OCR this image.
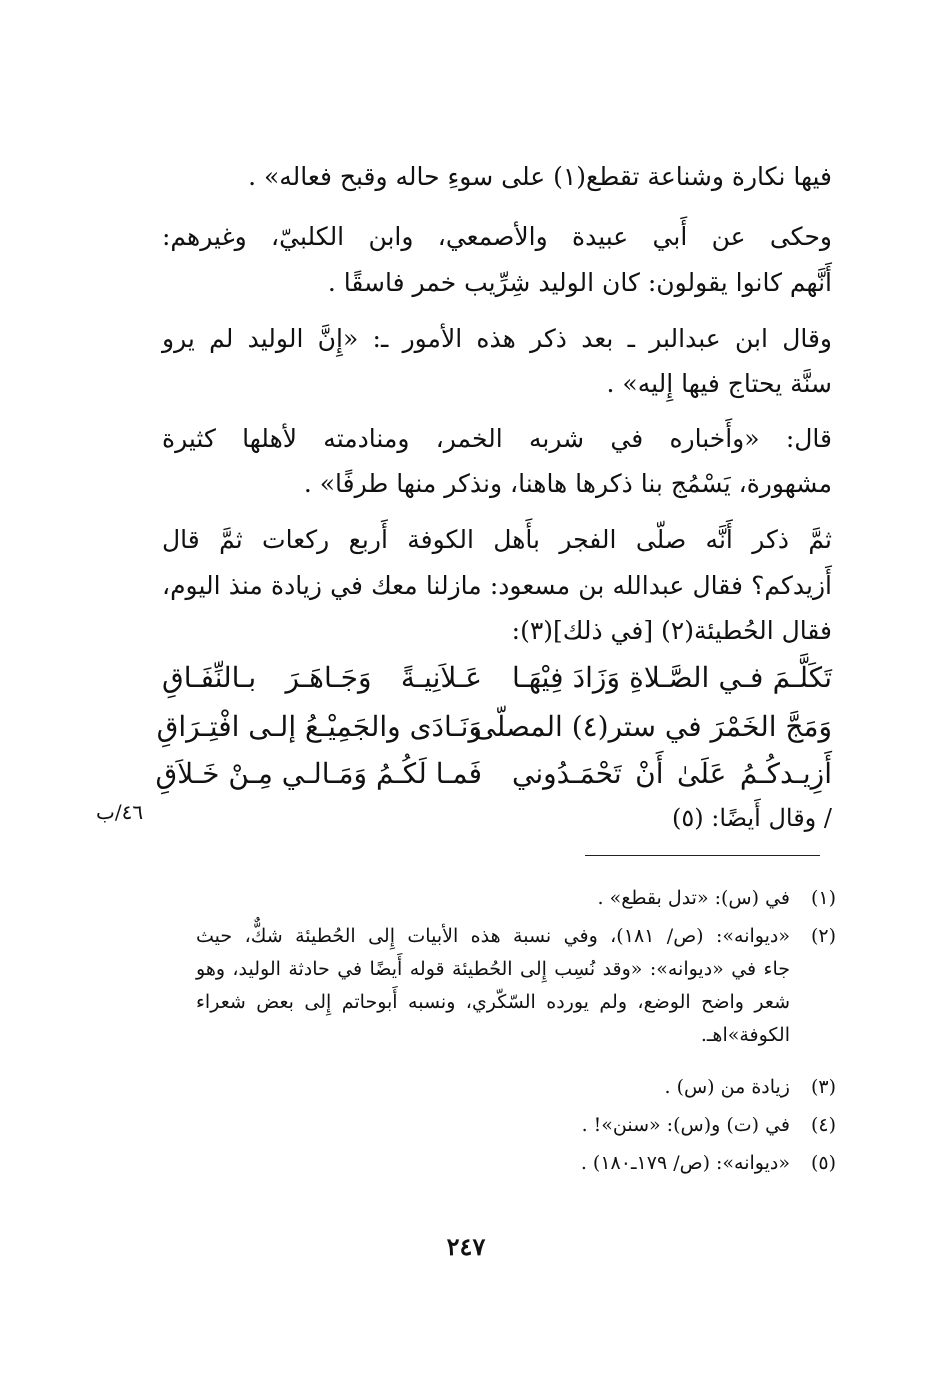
فيها نكارة وشناعة تقطع(١) على سوءِ حاله وقبح فعاله» .
وحكى عن أَبي عبيدة والأصمعي، وابن الكلبيّ، وغيرهم:
أَنَّهم كانوا يقولون: كان الوليد شِرِّيب خمر فاسقًا .
وقال ابن عبدالبر ـ بعد ذكر هذه الأمور ـ: «إِنَّ الوليد لم يرو
سنَّة يحتاج فيها إِليه» .
قال: «وأَخباره في شربه الخمر، ومنادمته لأهلها كثيرة
مشهورة، يَسْمُج بنا ذكرها هاهنا، ونذكر منها طرفًا» .
ثمَّ ذكر أَنَّه صلّى الفجر بأَهل الكوفة أَربع ركعات ثمَّ قال
أَزيدكم؟ فقال عبدالله بن مسعود: مازلنا معك في زيادة منذ اليوم،
فقال الحُطيئة(٢) [في ذلك](٣):
تَكَلَّـمَ فـي الصَّـلاةِ وَزَادَ فِيْهَـا
عَـلاَنِيـةً وَجَـاهَـرَ بـالنِّفَـاقِ
وَمَجَّ الخَمْرَ في ستر(٤) المصلّى
وَنَـادَى والجَمِيْـعُ إلـى افْتِـرَاقِ
أَزِيـدكُـمُ عَلَىٰ أَنْ تَحْمَـدُوني
فَمـا لَكُـمُ وَمَـالـي مِـنْ خَـلاَقِ
/ وقال أَيضًا: (٥)
٤٦/ب
(١)
في (س): «تدل بقطع» .
(٢)
«ديوانه»: (ص/ ١٨١)، وفي نسبة هذه الأبيات إِلى الحُطيئة شكٌّ، حيث
جاء في «ديوانه»: «وقد نُسِب إِلى الحُطيئة قوله أَيضًا في حادثة الوليد، وهو
شعر واضح الوضع، ولم يورده السّكّري، ونسبه أَبوحاتم إِلى بعض شعراء
الكوفة»اهـ.
(٣)
زيادة من (س) .
(٤)
في (ت) و(س): «سنن»! .
(٥)
«ديوانه»: (ص/ ١٧٩ـ١٨٠) .
٢٤٧
